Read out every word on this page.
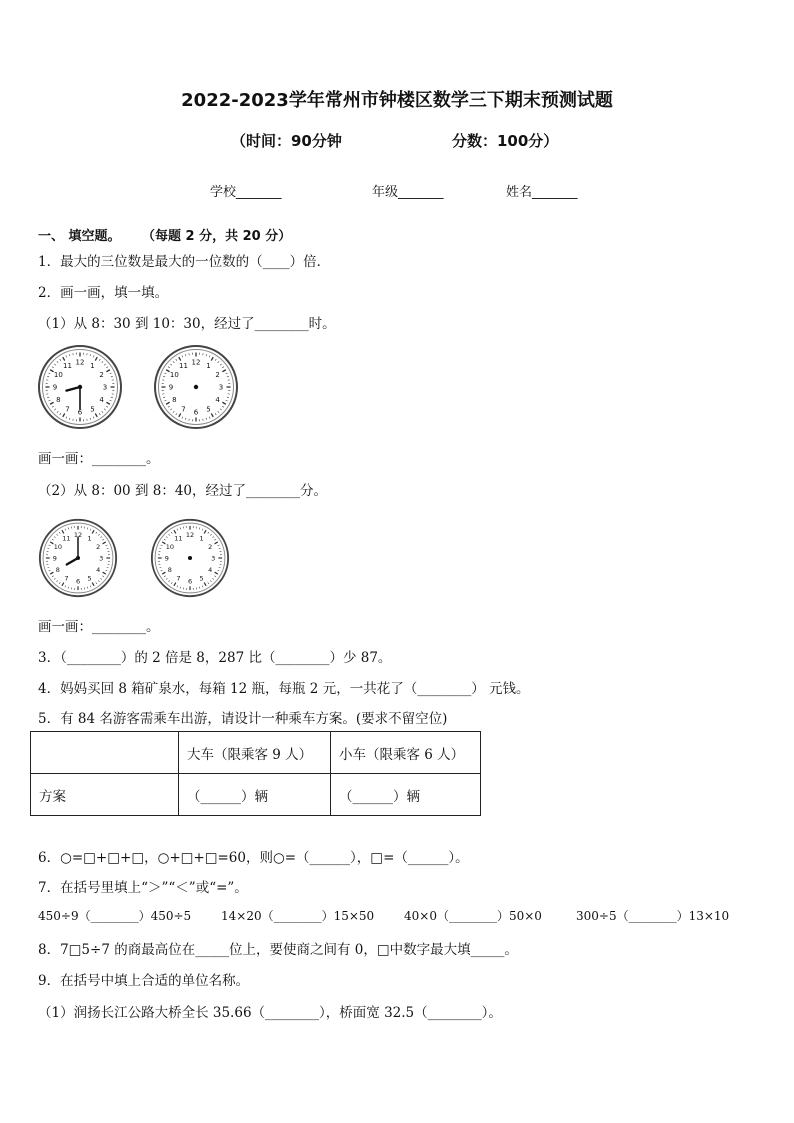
2022-2023学年常州市钟楼区数学三下期末预测试题
（时间：90分钟	分数：100分）
学校_______	年级_______	姓名_______
一、 填空题。 （每题 2 分，共 20 分）
1．最大的三位数是最大的一位数的（____）倍．
2．画一画，填一填。
（1）从 8：30 到 10：30，经过了________时。
12 1
2
3
4
5
6
7
8
9
10
11	12 1
2
3
4
5
6
7
8
9
10
11
画一画：________。
（2）从 8：00 到 8：40，经过了________分。
12 1
2
3
4
5
6
7
8
9
10
11	12 1
2
3
4
5
6
7
8
9
10
11
画一画：________。
3．（________）的 2 倍是 8，287 比（________）少 87。
4．妈妈买回 8 箱矿泉水，每箱 12 瓶，每瓶 2 元，一共花了（________） 元钱。
5．有 84 名游客需乘车出游，请设计一种乘车方案。(要求不留空位)
	大车（限乘客 9 人）	小车（限乘客 6 人）
方案	（______）辆	（______）辆
6．○=□+□+□，○+□+□=60，则○=（______），□=（______）。
7．在括号里填上“＞”“＜”或“=”。
450÷9（________）450÷5 14×20（________）15×50 40×0（________）50×0	300÷5（________）13×10
8．7□5÷7 的商最高位在_____位上，要使商之间有 0，□中数字最大填_____。
9．在括号中填上合适的单位名称。
（1）润扬长江公路大桥全长 35.66（________），桥面宽 32.5（________）。
